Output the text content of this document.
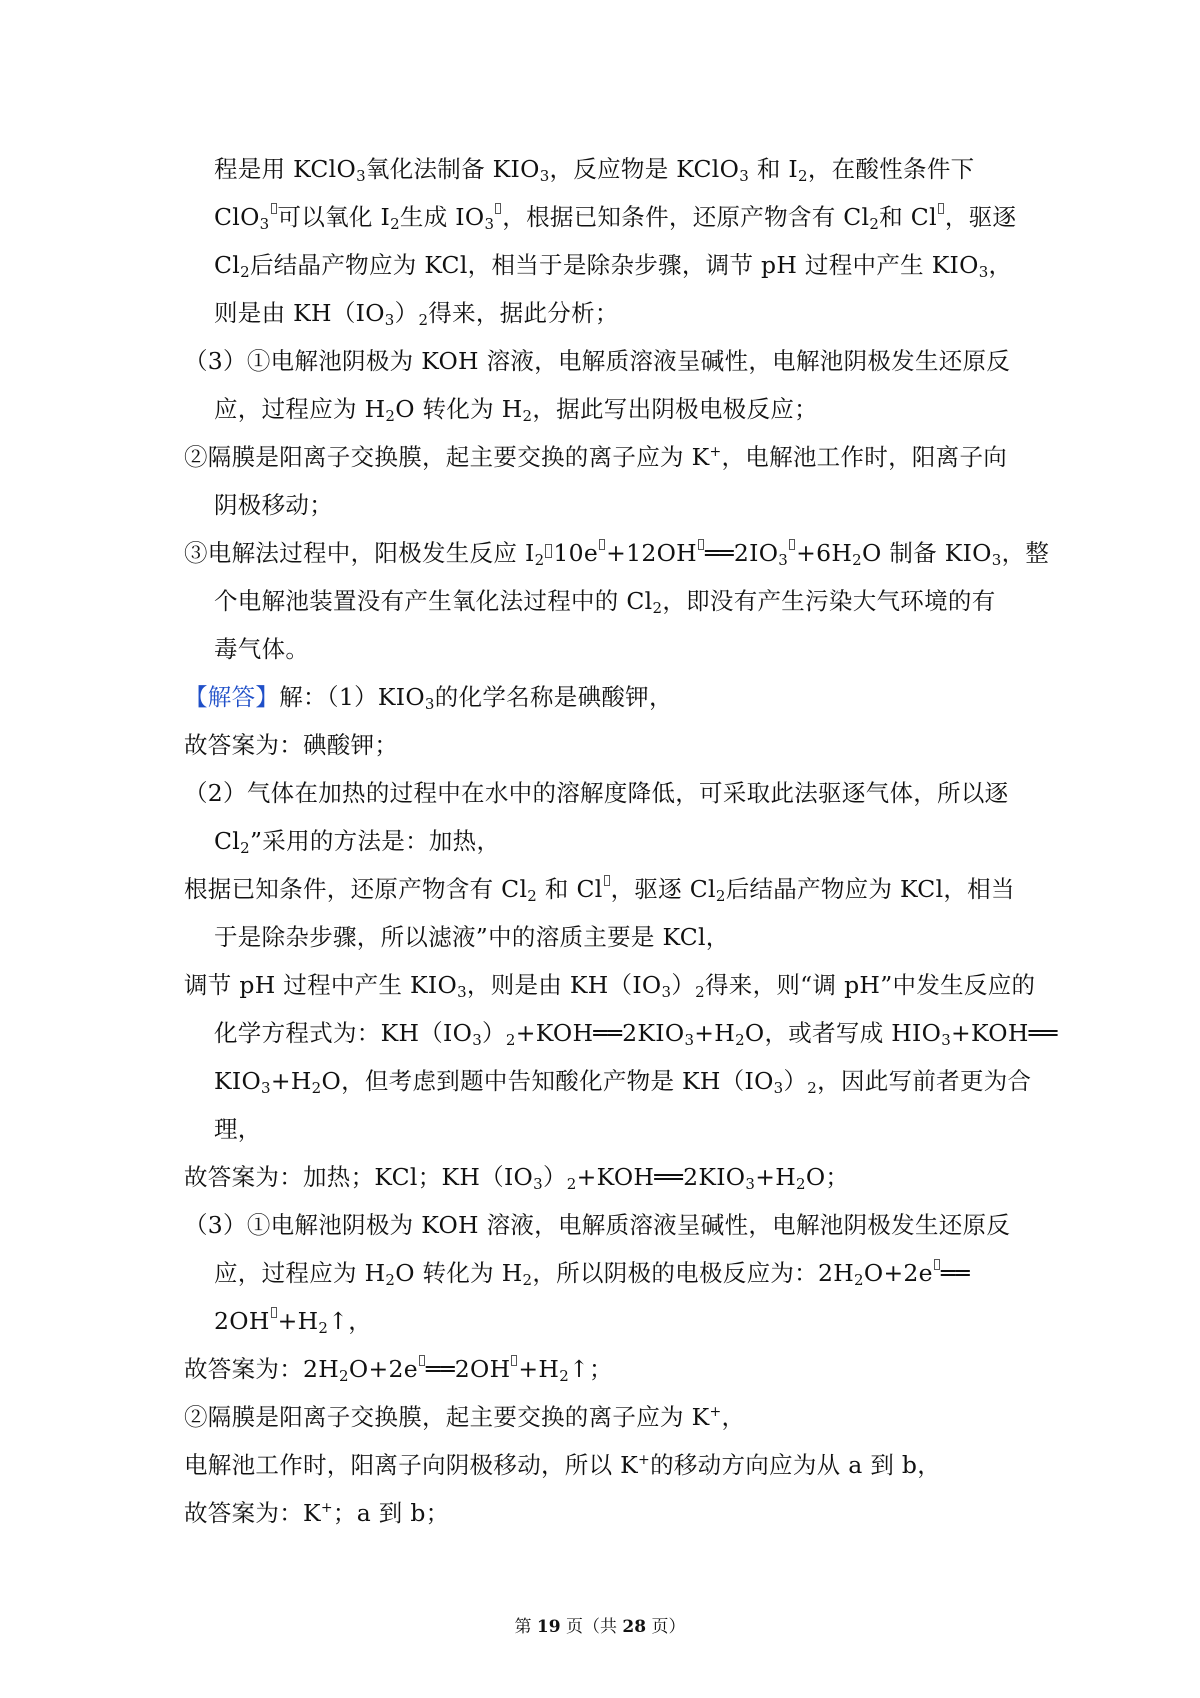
程是用 KClO$_3$氧化法制备 $KIO_3$，反应物是 KClO$_3$ 和 $I_2$，在酸性条件下
ClO$_3$ 可以氧化 $I_2$生成 $IO_3$ ，根据已知条件，还原产物含有 $Cl_2$和 Cl ，驱逐
$Cl_2$后结晶产物应为 KCl，相当于是除杂步骤，调节 pH 过程中产生 $KIO_3$，
则是由 $KH(IO_3)_2$得来，据此分析；
（3）①电解池阴极为 KOH 溶液，电解质溶液呈碱性，电解池阴极发生还原反
应，过程应为 $H_2O$ 转化为 $H_2$，据此写出阴极电极反应；
②隔膜是阳离子交换膜，起主要交换的离子应为 K+，电解池工作时，阳离子向
阴极移动；
③电解法过程中，阳极发生反应 $I_2$ 10e +12OH $══2IO_3 +6H_2O$ 制备 $KIO_3$，整
个电解池装置没有产生氧化法过程中的 $Cl_2$，即没有产生污染大气环境的有
毒气体。
【解答】解：$(1)KIO_3$的化学名称是碘酸钾，
故答案为：碘酸钾；
（2）气体在加热的过程中在水中的溶解度降低，可采取此法驱逐气体，所以逐
$Cl_2$”采用的方法是：加热，
根据已知条件，还原产物含有 $Cl_2$ 和 Cl ，驱逐 $Cl_2$后结晶产物应为 KCl，相当
于是除杂步骤，所以滤液”中的溶质主要是 KCl，
调节 pH 过程中产生 $KIO_3$，则是由 $KH(IO_3)_2$得来，则“调 pH”中发生反应的
化学方程式为：$KH(IO_3)_2+KOH══2KIO_3+H_2O$，或者写成 $HIO_3+KOH══$
$KIO_3+H_2O$，但考虑到题中告知酸化产物是 $KH(IO_3)_2$，因此写前者更为合
理，
故答案为：加热；KCl；$KH(IO_3)_2+KOH══2KIO_3+H_2O$；
（3）①电解池阴极为 KOH 溶液，电解质溶液呈碱性，电解池阴极发生还原反
应，过程应为 $H_2O$ 转化为 $H_2$，所以阴极的电极反应为：$2H_2O+2e$ ══
$2OH +H_2↑$，
故答案为：$2H_2O+2e$ ══2OH $+H_2↑$；
②隔膜是阳离子交换膜，起主要交换的离子应为 K+，
电解池工作时，阳离子向阴极移动，所以 K+的移动方向应为从 a 到 b，
故答案为：K+；a 到 b；
第 19 页（共 28 页）
